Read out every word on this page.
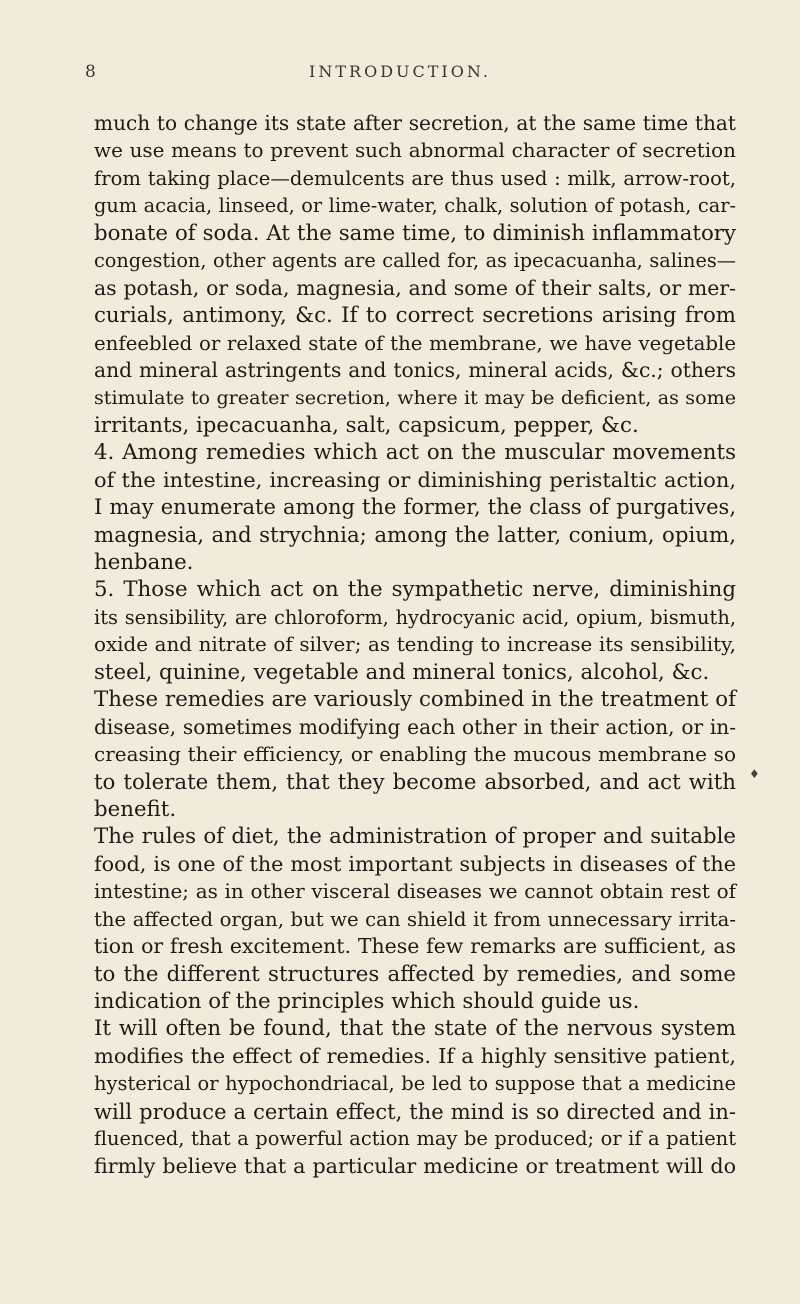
8	INTRODUCTION.
much to change its state after secretion, at the same time that
we use means to prevent such abnormal character of secretion
from taking place—demulcents are thus used : milk, arrow-root,
gum acacia, linseed, or lime-water, chalk, solution of potash, car-
bonate of soda. At the same time, to diminish inflammatory
congestion, other agents are called for, as ipecacuanha, salines—
as potash, or soda, magnesia, and some of their salts, or mer-
curials, antimony, &c. If to correct secretions arising from
enfeebled or relaxed state of the membrane, we have vegetable
and mineral astringents and tonics, mineral acids, &c.; others
stimulate to greater secretion, where it may be deficient, as some
irritants, ipecacuanha, salt, capsicum, pepper, &c.
4. Among remedies which act on the muscular movements
of the intestine, increasing or diminishing peristaltic action,
I may enumerate among the former, the class of purgatives,
magnesia, and strychnia; among the latter, conium, opium,
henbane.
5. Those which act on the sympathetic nerve, diminishing
its sensibility, are chloroform, hydrocyanic acid, opium, bismuth,
oxide and nitrate of silver; as tending to increase its sensibility,
steel, quinine, vegetable and mineral tonics, alcohol, &c.
These remedies are variously combined in the treatment of
disease, sometimes modifying each other in their action, or in-
creasing their efficiency, or enabling the mucous membrane so
to tolerate them, that they become absorbed, and act with
benefit.
The rules of diet, the administration of proper and suitable
food, is one of the most important subjects in diseases of the
intestine; as in other visceral diseases we cannot obtain rest of
the affected organ, but we can shield it from unnecessary irrita-
tion or fresh excitement. These few remarks are sufficient, as
to the different structures affected by remedies, and some
indication of the principles which should guide us.
It will often be found, that the state of the nervous system
modifies the effect of remedies. If a highly sensitive patient,
hysterical or hypochondriacal, be led to suppose that a medicine
will produce a certain effect, the mind is so directed and in-
fluenced, that a powerful action may be produced; or if a patient
firmly believe that a particular medicine or treatment will do
♦
